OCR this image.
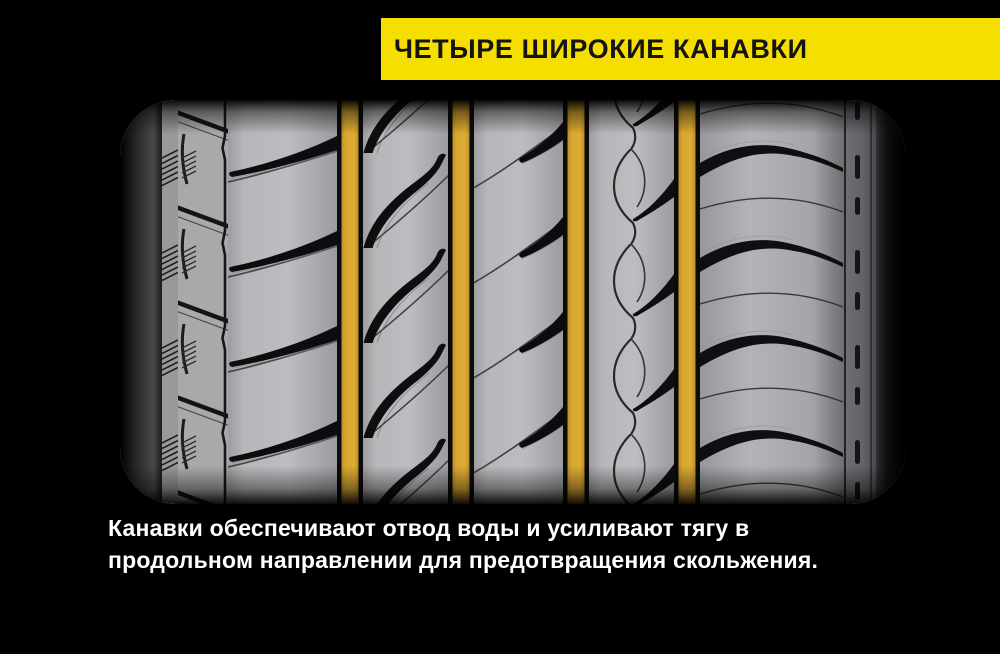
ЧЕТЫРЕ ШИРОКИЕ КАНАВКИ
Канавки обеспечивают отвод воды и усиливают тягу в
продольном направлении для предотвращения скольжения.
